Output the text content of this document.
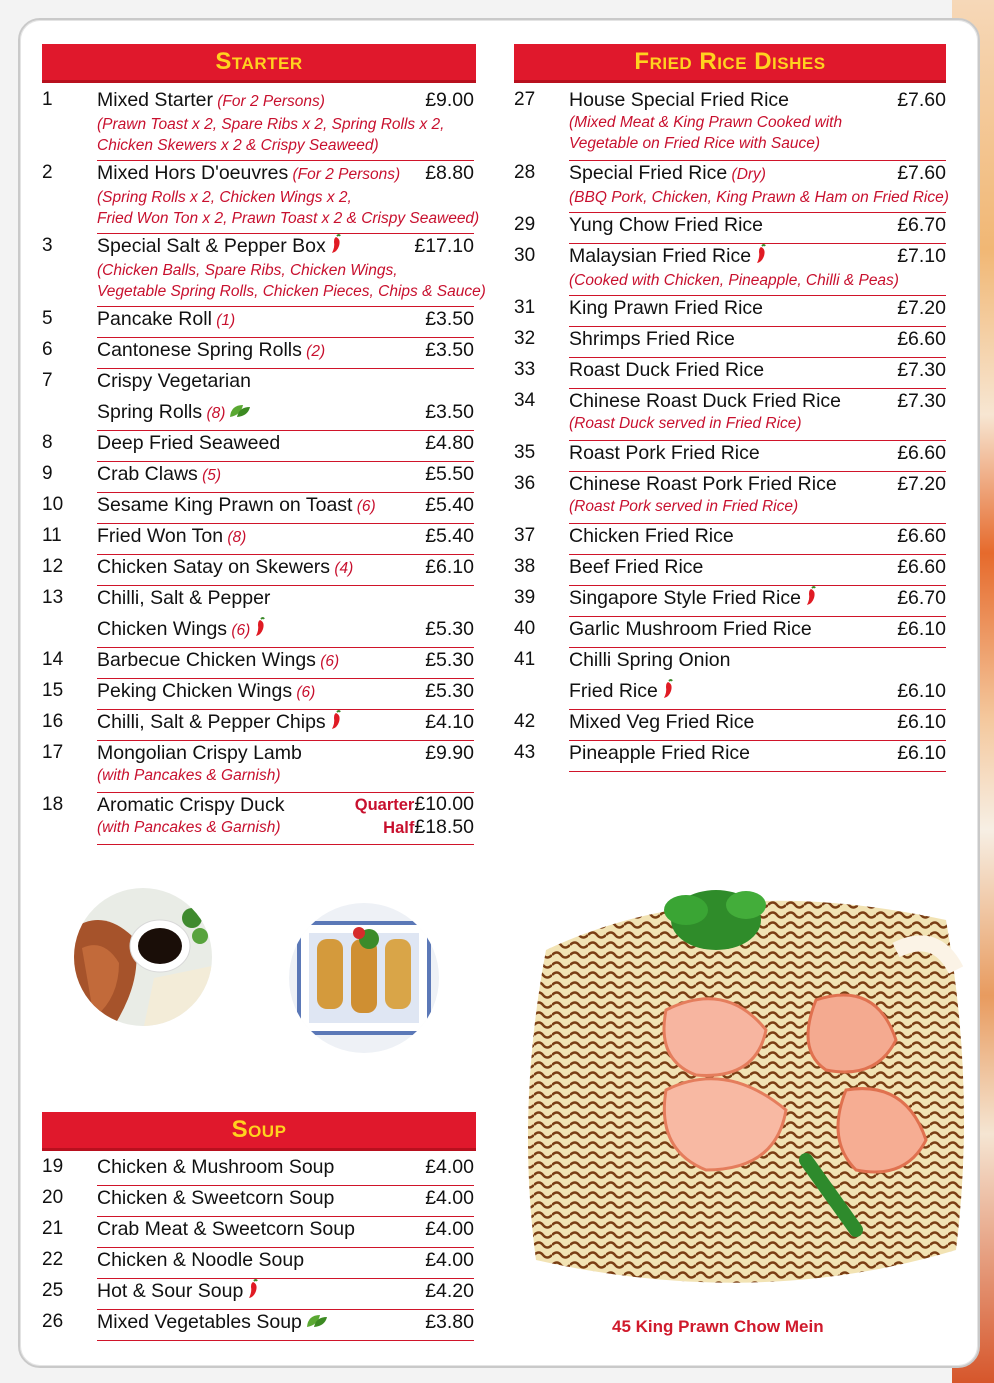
Starter	Fried Rice Dishes
Soup
1 Mixed Starter (For 2 Persons)	£9.00
(Prawn Toast x 2, Spare Ribs x 2, Spring Rolls x 2,
Chicken Skewers x 2 & Crispy Seaweed)
2 Mixed Hors D'oeuvres (For 2 Persons) £8.80
(Spring Rolls x 2, Chicken Wings x 2,
Fried Won Ton x 2, Prawn Toast x 2 & Crispy Seaweed)
3 Special Salt & Pepper Box	£17.10
(Chicken Balls, Spare Ribs, Chicken Wings,
Vegetable Spring Rolls, Chicken Pieces, Chips & Sauce)
5 Pancake Roll (1)	£3.50
6 Cantonese Spring Rolls (2)	£3.50
7 Crispy Vegetarian
Spring Rolls (8)	£3.50
8 Deep Fried Seaweed	£4.80
9 Crab Claws (5)	£5.50
10 Sesame King Prawn on Toast (6)	£5.40
11 Fried Won Ton (8)	£5.40
12 Chicken Satay on Skewers (4)	£6.10
13 Chilli, Salt & Pepper
Chicken Wings (6)	£5.30
14 Barbecue Chicken Wings (6)	£5.30
15 Peking Chicken Wings (6)	£5.30
16 Chilli, Salt & Pepper Chips	£4.10
17 Mongolian Crispy Lamb	£9.90
(with Pancakes & Garnish)
18 Aromatic Crispy Duck	Quarter£10.00
Half£18.50
(with Pancakes & Garnish)
27 House Special Fried Rice	£7.60
(Mixed Meat & King Prawn Cooked with
Vegetable on Fried Rice with Sauce)
28 Special Fried Rice (Dry)	£7.60
(BBQ Pork, Chicken, King Prawn & Ham on Fried Rice)
29 Yung Chow Fried Rice	£6.70
30 Malaysian Fried Rice	£7.10
(Cooked with Chicken, Pineapple, Chilli & Peas)
31 King Prawn Fried Rice	£7.20
32 Shrimps Fried Rice	£6.60
33 Roast Duck Fried Rice	£7.30
34 Chinese Roast Duck Fried Rice	£7.30
(Roast Duck served in Fried Rice)
35 Roast Pork Fried Rice	£6.60
36 Chinese Roast Pork Fried Rice	£7.20
(Roast Pork served in Fried Rice)
37 Chicken Fried Rice	£6.60
38 Beef Fried Rice	£6.60
39 Singapore Style Fried Rice	£6.70
40 Garlic Mushroom Fried Rice	£6.10
41 Chilli Spring Onion
Fried Rice	£6.10
42 Mixed Veg Fried Rice	£6.10
43 Pineapple Fried Rice	£6.10
19 Chicken & Mushroom Soup	£4.00
20 Chicken & Sweetcorn Soup	£4.00
21 Crab Meat & Sweetcorn Soup	£4.00
22 Chicken & Noodle Soup	£4.00
25 Hot & Sour Soup	£4.20
26 Mixed Vegetables Soup	£3.80	45 King Prawn Chow Mein
